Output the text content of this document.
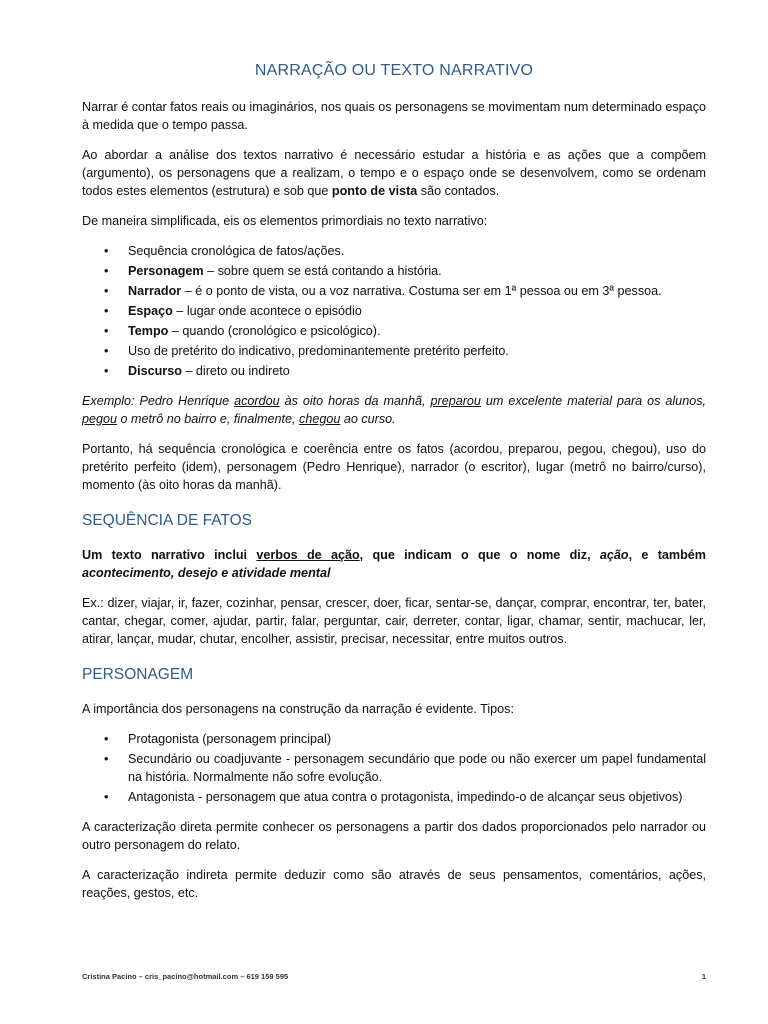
NARRAÇÃO OU TEXTO NARRATIVO

Narrar é contar fatos reais ou imaginários, nos quais os personagens se movimentam num determinado espaço à medida que o tempo passa.

Ao abordar a análise dos textos narrativo é necessário estudar a história e as ações que a compõem (argumento), os personagens que a realizam, o tempo e o espaço onde se desenvolvem, como se ordenam todos estes elementos (estrutura) e sob que ponto de vista são contados.

De maneira simplificada, eis os elementos primordiais no texto narrativo:

• Sequência cronológica de fatos/ações.
• Personagem – sobre quem se está contando a história.
• Narrador – é o ponto de vista, ou a voz narrativa. Costuma ser em 1ª pessoa ou em 3ª pessoa.
• Espaço – lugar onde acontece o episódio
• Tempo – quando (cronológico e psicológico).
• Uso de pretérito do indicativo, predominantemente pretérito perfeito.
• Discurso – direto ou indireto

Exemplo: Pedro Henrique acordou às oito horas da manhã, preparou um excelente material para os alunos, pegou o metrô no bairro e, finalmente, chegou ao curso.

Portanto, há sequência cronológica e coerência entre os fatos (acordou, preparou, pegou, chegou), uso do pretérito perfeito (idem), personagem (Pedro Henrique), narrador (o escritor), lugar (metrô no bairro/curso), momento (às oito horas da manhã).

SEQUÊNCIA DE FATOS

Um texto narrativo inclui verbos de ação, que indicam o que o nome diz, ação, e também acontecimento, desejo e atividade mental

Ex.: dizer, viajar, ir, fazer, cozinhar, pensar, crescer, doer, ficar, sentar-se, dançar, comprar, encontrar, ter, bater, cantar, chegar, comer, ajudar, partir, falar, perguntar, cair, derreter, contar, ligar, chamar, sentir, machucar, ler, atirar, lançar, mudar, chutar, encolher, assistir, precisar, necessitar, entre muitos outros.

PERSONAGEM

A importância dos personagens na construção da narração é evidente. Tipos:

• Protagonista (personagem principal)
• Secundário ou coadjuvante - personagem secundário que pode ou não exercer um papel fundamental na história. Normalmente não sofre evolução.
• Antagonista - personagem que atua contra o protagonista, impedindo-o de alcançar seus objetivos)

A caracterização direta permite conhecer os personagens a partir dos dados proporcionados pelo narrador ou outro personagem do relato.

A caracterização indireta permite deduzir como são através de seus pensamentos, comentários, ações, reações, gestos, etc.

Cristina Pacino – cris_pacino@hotmail.com – 619 159 595	1
